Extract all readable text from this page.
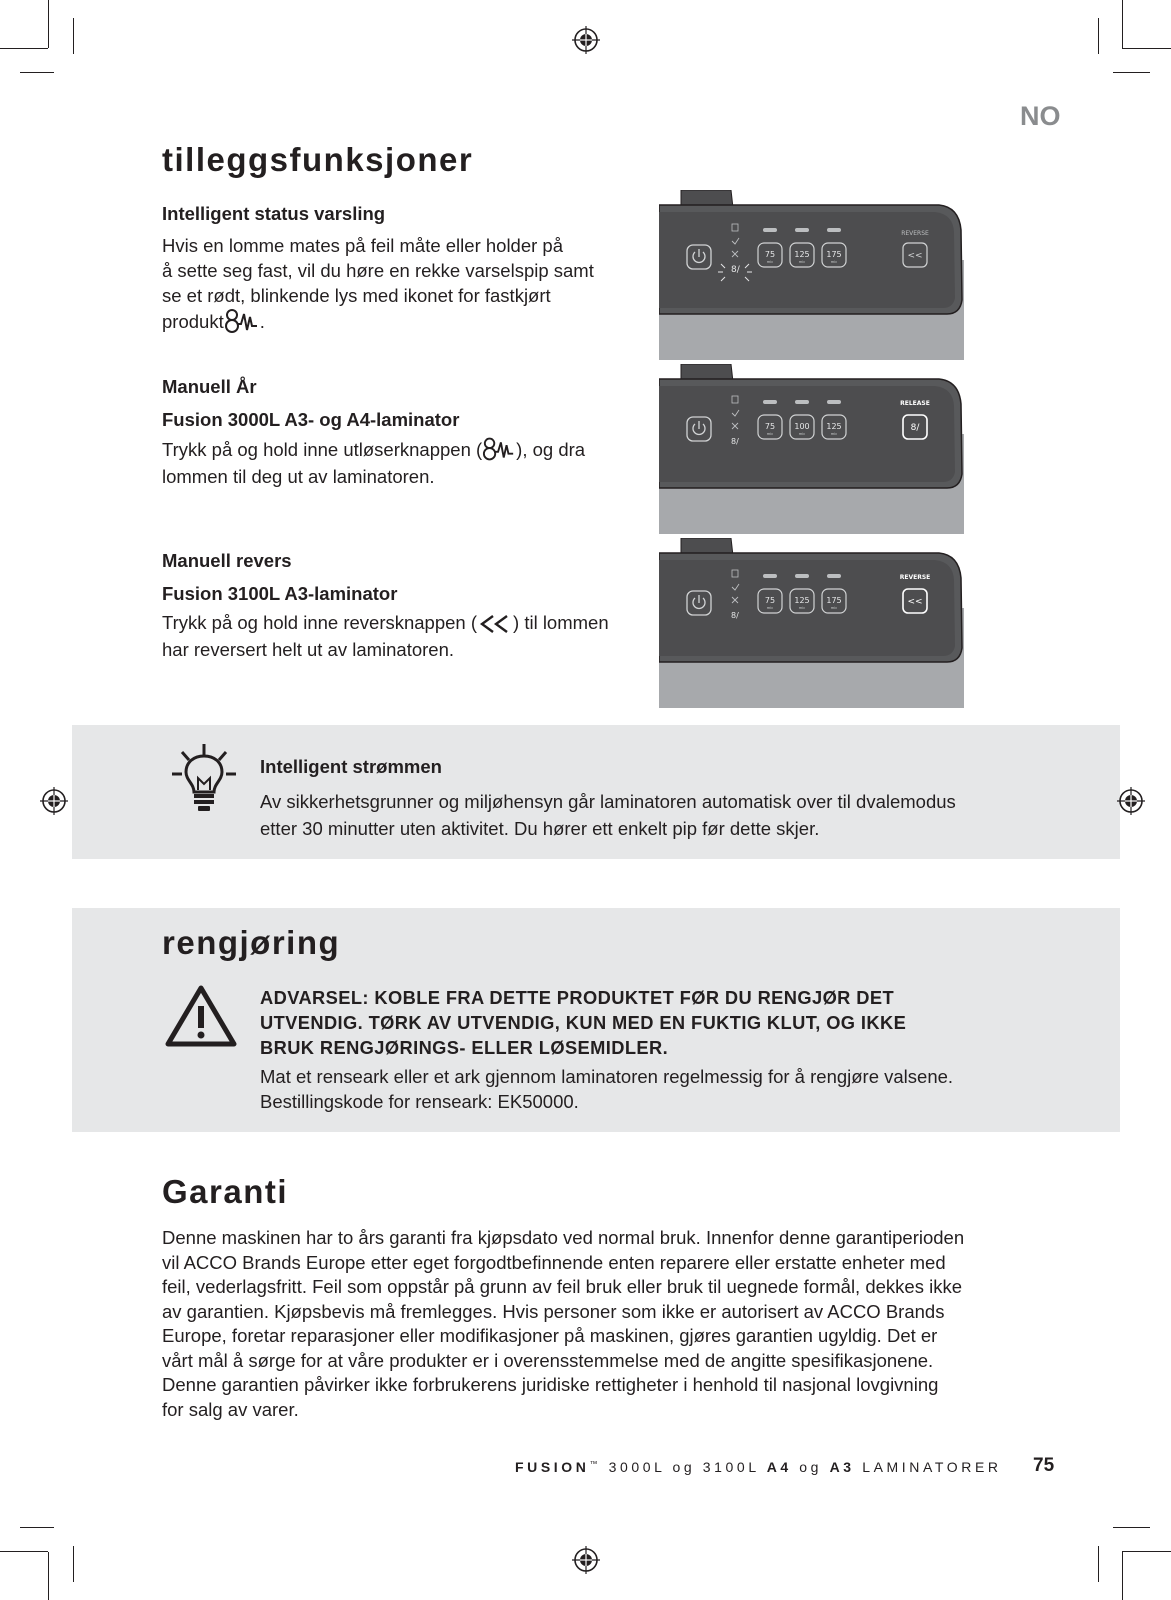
NO
tilleggsfunksjoner

Intelligent status varsling

Hvis en lomme mates på feil måte eller holder på
å sette seg fast, vil du høre en rekke varselspip samt
se et rødt, blinkende lys med ikonet for fastkjørt
produkt .

Manuell År

Fusion 3000L A3- og A4-laminator

Trykk på og hold inne utløserknappen ( ), og dra
lommen til deg ut av laminatoren.

Manuell revers

Fusion 3100L A3-laminator

Trykk på og hold inne reversknappen ( ) til lommen
har reversert helt ut av laminatoren.
8/
75 125 175
mic	mic	mic
REVERSE
<<
8/
75 100 125
mic	mic	mic
RELEASE
8/
8/
75 125 175
mic	mic	mic
REVERSE
<<

Intelligent strømmen

Av sikkerhetsgrunner og miljøhensyn går laminatoren automatisk over til dvalemodus
etter 30 minutter uten aktivitet. Du hører ett enkelt pip før dette skjer.
rengjøring
ADVARSEL: KOBLE FRA DETTE PRODUKTET FØR DU RENGJØR DET
UTVENDIG. TØRK AV UTVENDIG, KUN MED EN FUKTIG KLUT, OG IKKE
BRUK RENGJØRINGS- ELLER LØSEMIDLER.
Mat et renseark eller et ark gjennom laminatoren regelmessig for å rengjøre valsene.
Bestillingskode for renseark: EK50000.
Garanti
Denne maskinen har to års garanti fra kjøpsdato ved normal bruk. Innenfor denne garantiperioden
vil ACCO Brands Europe etter eget forgodtbefinnende enten reparere eller erstatte enheter med
feil, vederlagsfritt. Feil som oppstår på grunn av feil bruk eller bruk til uegnede formål, dekkes ikke
av garantien. Kjøpsbevis må fremlegges. Hvis personer som ikke er autorisert av ACCO Brands
Europe, foretar reparasjoner eller modifikasjoner på maskinen, gjøres garantien ugyldig. Det er
vårt mål å sørge for at våre produkter er i overensstemmelse med de angitte spesifikasjonene.
Denne garantien påvirker ikke forbrukerens juridiske rettigheter i henhold til nasjonal lovgivning
for salg av varer.
FUSION™ 3000L og 3100L A4 og A3 LAMINATORER 75
